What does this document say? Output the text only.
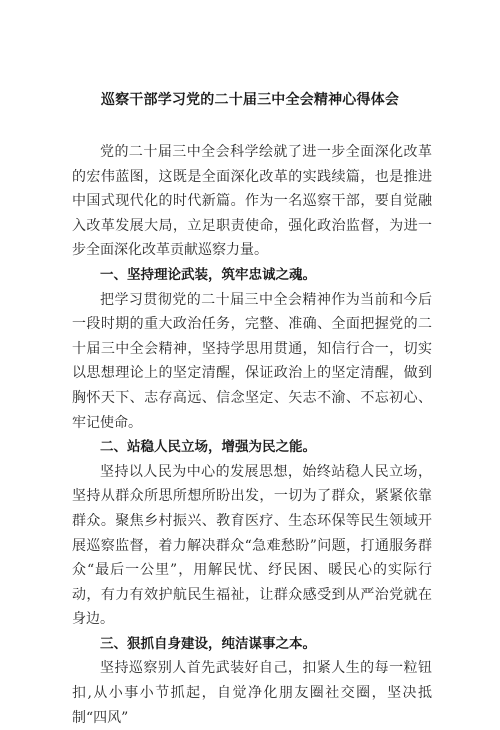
巡察干部学习党的二十届三中全会精神心得体会

党的二十届三中全会科学绘就了进一步全面深化改革的宏伟蓝图，这既是全面深化改革的实践续篇，也是推进中国式现代化的时代新篇。作为一名巡察干部，要自觉融入改革发展大局，立足职责使命，强化政治监督，为进一步全面深化改革贡献巡察力量。

一、坚持理论武装，筑牢忠诚之魂。

把学习贯彻党的二十届三中全会精神作为当前和今后一段时期的重大政治任务，完整、准确、全面把握党的二十届三中全会精神，坚持学思用贯通，知信行合一，切实以思想理论上的坚定清醒，保证政治上的坚定清醒，做到胸怀天下、志存高远、信念坚定、矢志不渝、不忘初心、牢记使命。

二、站稳人民立场，增强为民之能。

坚持以人民为中心的发展思想，始终站稳人民立场，坚持从群众所思所想所盼出发，一切为了群众，紧紧依靠群众。聚焦乡村振兴、教育医疗、生态环保等民生领域开展巡察监督，着力解决群众“急难愁盼”问题，打通服务群众“最后一公里”，用解民忧、纾民困、暖民心的实际行动，有力有效护航民生福祉，让群众感受到从严治党就在身边。

三、狠抓自身建设，纯洁谋事之本。

坚持巡察别人首先武装好自己，扣紧人生的每一粒钮扣,从小事小节抓起，自觉净化朋友圈社交圈，坚决抵制“四风”
